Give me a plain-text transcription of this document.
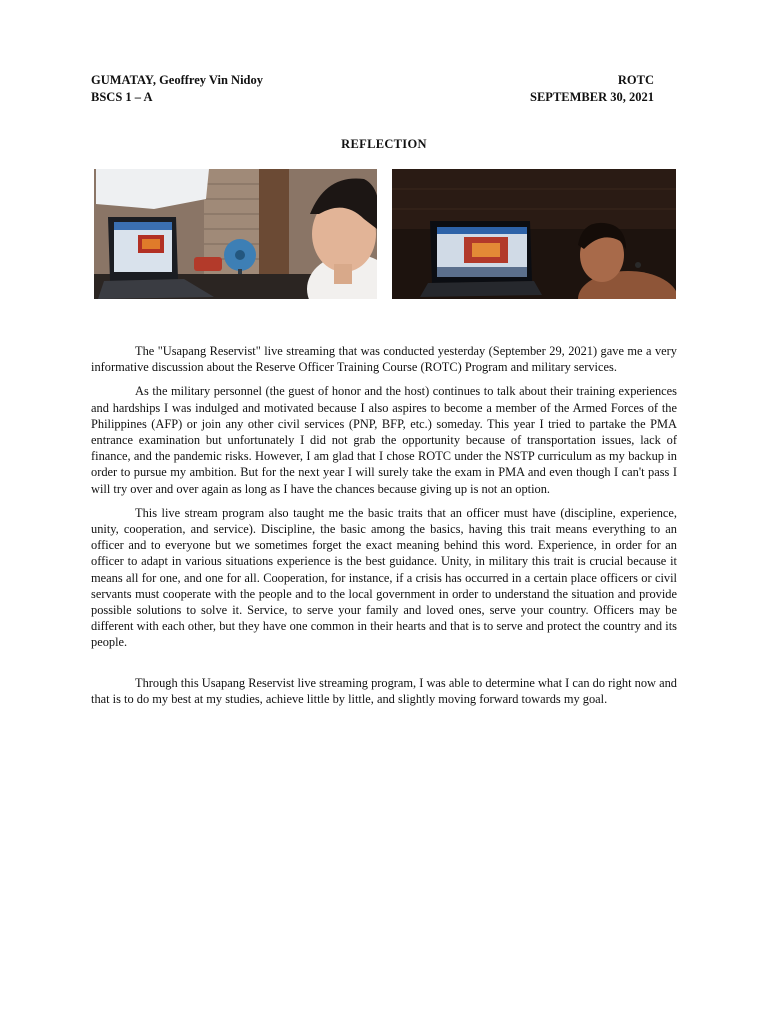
GUMATAY, Geoffrey Vin Nidoy
BSCS 1 – A
ROTC
SEPTEMBER 30, 2021
REFLECTION

The "Usapang Reservist" live streaming that was conducted yesterday (September 29, 2021) gave me a very informative discussion about the Reserve Officer Training Course (ROTC) Program and military services.

As the military personnel (the guest of honor and the host) continues to talk about their training experiences and hardships I was indulged and motivated because I also aspires to become a member of the Armed Forces of the Philippines (AFP) or join any other civil services (PNP, BFP, etc.) someday. This year I tried to partake the PMA entrance examination but unfortunately I did not grab the opportunity because of transportation issues, lack of finance, and the pandemic risks. However, I am glad that I chose ROTC under the NSTP curriculum as my backup in order to pursue my ambition. But for the next year I will surely take the exam in PMA and even though I can't pass I will try over and over again as long as I have the chances because giving up is not an option.

This live stream program also taught me the basic traits that an officer must have (discipline, experience, unity, cooperation, and service). Discipline, the basic among the basics, having this trait means everything to an officer and to everyone but we sometimes forget the exact meaning behind this word. Experience, in order for an officer to adapt in various situations experience is the best guidance. Unity, in military this trait is crucial because it means all for one, and one for all. Cooperation, for instance, if a crisis has occurred in a certain place officers or civil servants must cooperate with the people and to the local government in order to understand the situation and provide possible solutions to solve it. Service, to serve your family and loved ones, serve your country. Officers may be different with each other, but they have one common in their hearts and that is to serve and protect the country and its people.

Through this Usapang Reservist live streaming program, I was able to determine what I can do right now and that is to do my best at my studies, achieve little by little, and slightly moving forward towards my goal.
